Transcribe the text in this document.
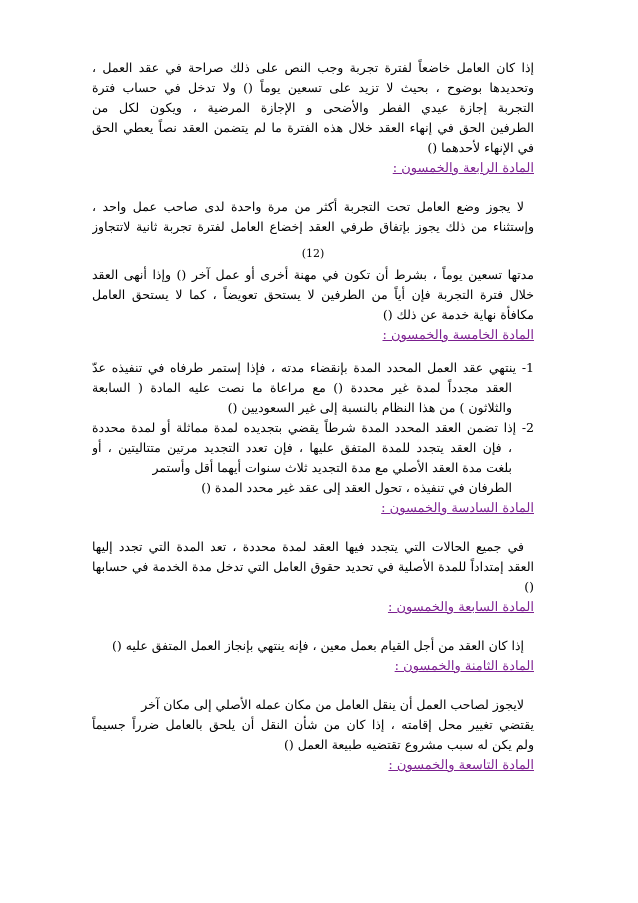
إذا كان العامل خاضعاً لفترة تجربة وجب النص على ذلك صراحة في عقد العمل ،
وتحديدها بوضوح ، بحيث لا تزيد على تسعين يوماً () ولا تدخل في حساب فترة
التجربة إجازة عيدي الفطر والأضحى و الإجازة المرضية ، ويكون لكل من
الطرفين الحق في إنهاء العقد خلال هذه الفترة ما لم يتضمن العقد نصاً يعطي الحق
في الإنهاء لأحدهما ()
المادة الرابعة والخمسون :
لا يجوز وضع العامل تحت التجربة أكثر من مرة واحدة لدى صاحب عمل واحد ،
وإستثناء من ذلك يجوز بإتفاق طرفي العقد إخضاع العامل لفترة تجربة ثانية لاتتجاوز
(12)
مدتها تسعين يوماً ، بشرط أن تكون في مهنة أخرى أو عمل آخر () وإذا أنهى العقد
خلال فترة التجربة فإن أياً من الطرفين لا يستحق تعويضاً ، كما لا يستحق العامل
مكافأة نهاية خدمة عن ذلك ()
المادة الخامسة والخمسون :
1- ينتهي عقد العمل المحدد المدة بإنقضاء مدته ، فإذا إستمر طرفاه في تنفيذه عدّ
العقد مجدداً لمدة غير محددة () مع مراعاة ما نصت عليه المادة ( السابعة
والثلاثون ) من هذا النظام بالنسبة إلى غير السعوديين ()
2- إذا تضمن العقد المحدد المدة شرطاً يقضي بتجديده لمدة مماثلة أو لمدة محددة
، فإن العقد يتجدد للمدة المتفق عليها ، فإن تعدد التجديد مرتين متتاليتين ، أو
بلغت مدة العقد الأصلي مع مدة التجديد ثلاث سنوات أيهما أقل وأستمر
الطرفان في تنفيذه ، تحول العقد إلى عقد غير محدد المدة ()
المادة السادسة والخمسون :
في جميع الحالات التي يتجدد فيها العقد لمدة محددة ، تعد المدة التي تجدد إليها
العقد إمتداداً للمدة الأصلية في تحديد حقوق العامل التي تدخل مدة الخدمة في حسابها
()
المادة السابعة والخمسون :
إذا كان العقد من أجل القيام بعمل معين ، فإنه ينتهي بإنجاز العمل المتفق عليه ()
المادة الثامنة والخمسون :
لايجوز لصاحب العمل أن ينقل العامل من مكان عمله الأصلي إلى مكان آخر
يقتضي تغيير محل إقامته ، إذا كان من شأن النقل أن يلحق بالعامل ضرراً جسيماً
ولم يكن له سبب مشروع تقتضيه طبيعة العمل ()
المادة التاسعة والخمسون :
